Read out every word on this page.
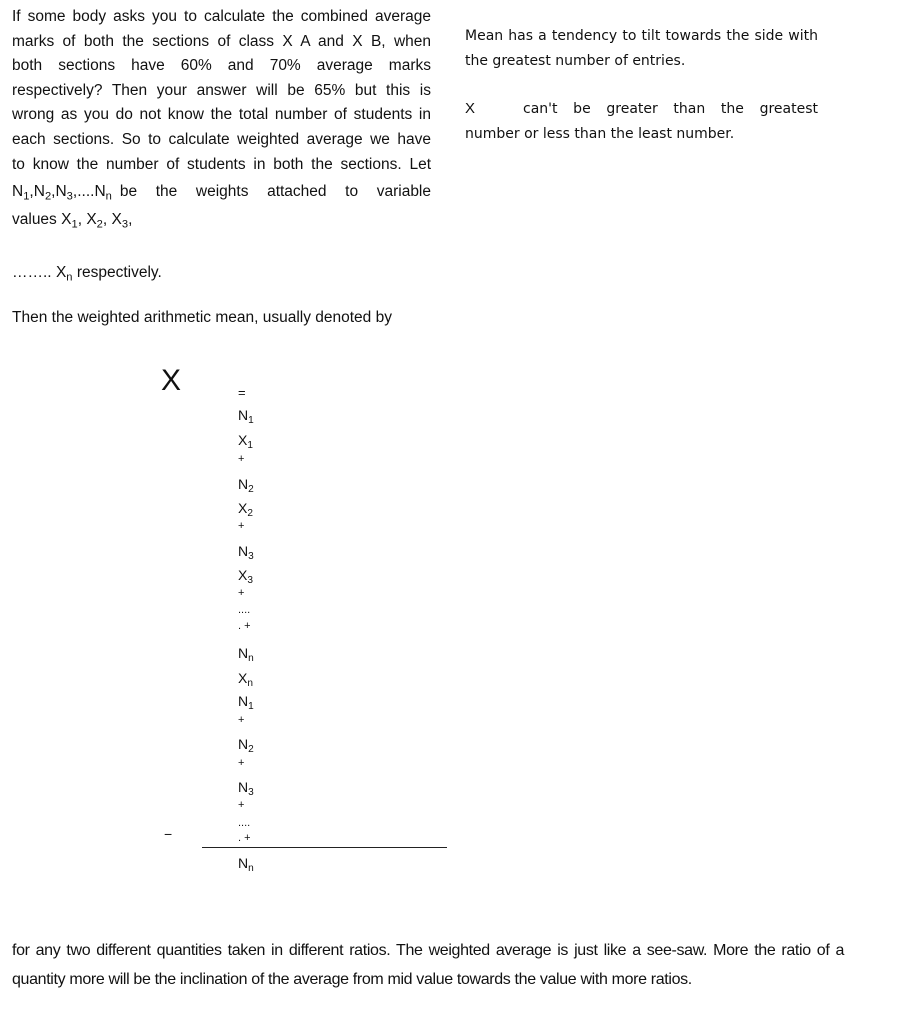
If some body asks you to calculate the combined average
marks of both the sections of class X A and X B, when
both sections have 60% and 70% average marks
respectively? Then your answer will be 65% but this is
wrong as you do not know the total number of students in
each sections. So to calculate weighted average we have
to know the number of students in both the sections. Let
$N_1$, $N_2$, $N_3$, .... $N_n$ be the weights attached to variable
values $X_1$, $X_2$, $X_3$,
…….. $X_n$ respectively.
Then the weighted arithmetic mean, usually denoted by
Mean has a tendency to tilt towards the side with the greatest number of entries.
X	can't be greater than the greatest number or less than the least number.
X	=
$N_1$
$X_1$
+
$N_2$
$X_2$
+
$N_3$
$X_3$
+
....
. +
$N_n$
$X_n$
$N_1$
+
$N_2$
+
$N_3$
+
....
. +
−
$N_n$
for any two different quantities taken in different ratios. The weighted average is just like a see-saw. More the ratio of a quantity more will be the inclination of the average from mid value towards the value with more ratios.
